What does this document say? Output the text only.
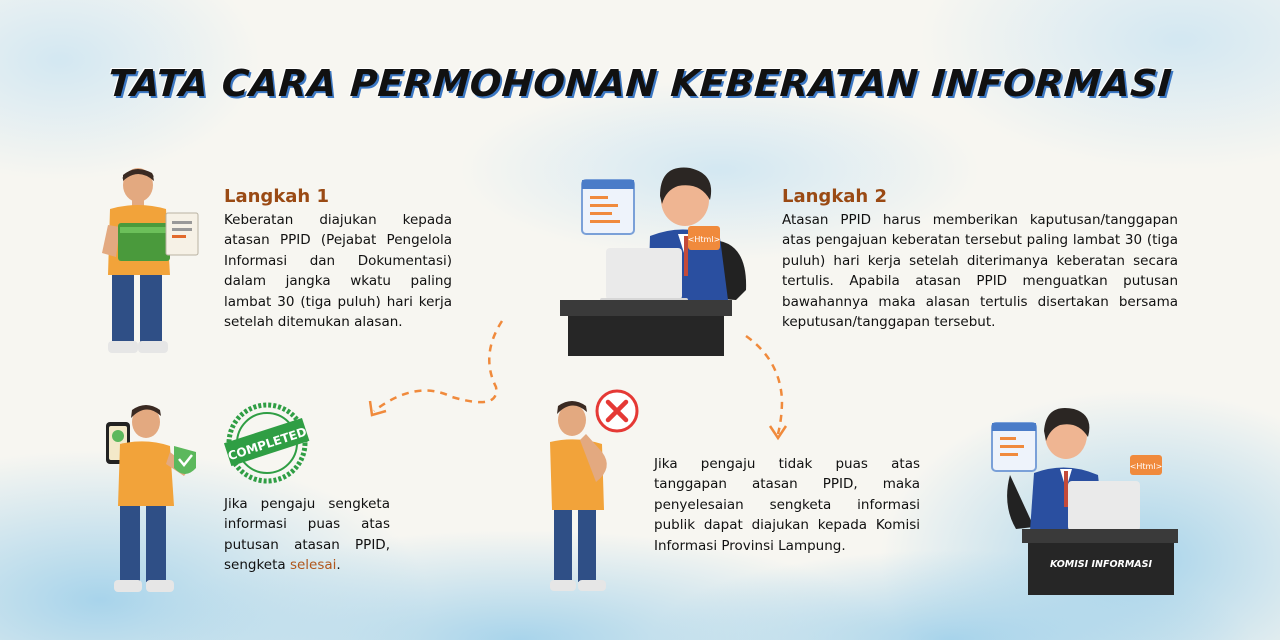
TATA CARA PERMOHONAN KEBERATAN INFORMASI
Langkah 1
Keberatan diajukan kepada atasan PPID (Pejabat Pengelola Informasi dan Dokumentasi) dalam jangka wkatu paling lambat 30 (tiga puluh) hari kerja setelah ditemukan alasan.
<Html>
Langkah 2
Atasan PPID harus memberikan kaputusan/tanggapan atas pengajuan keberatan tersebut paling lambat 30 (tiga puluh) hari kerja setelah diterimanya keberatan secara tertulis. Apabila atasan PPID menguatkan putusan bawahannya maka alasan tertulis disertakan bersama keputusan/tanggapan tersebut.
COMPLETED
Jika pengaju sengketa informasi puas atas putusan atasan PPID, sengketa selesai.
Jika pengaju tidak puas atas tanggapan atasan PPID, maka penyelesaian sengketa informasi publik dapat diajukan kepada Komisi Informasi Provinsi Lampung.
<Html>
KOMISI INFORMASI
